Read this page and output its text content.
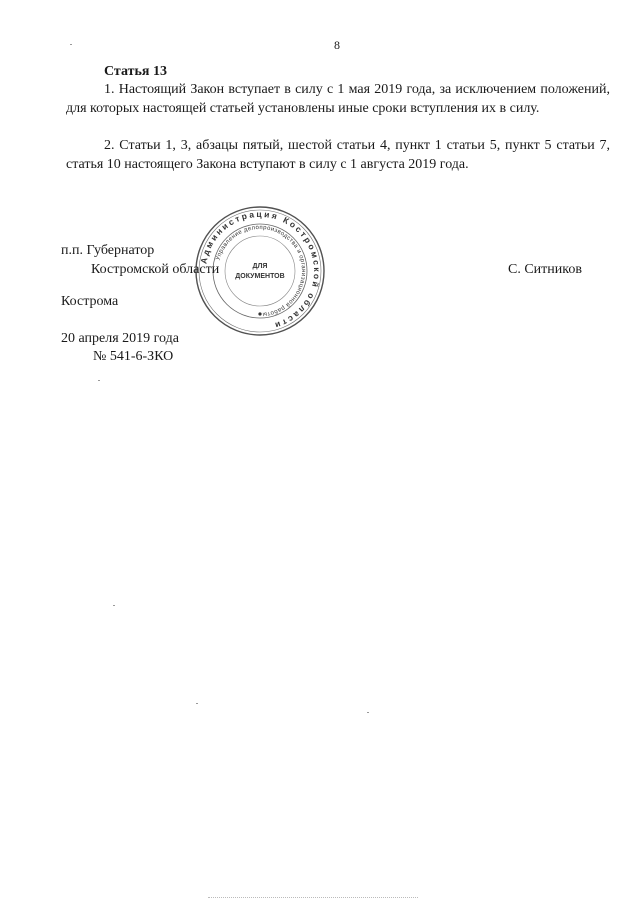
8
Статья 13
1. Настоящий Закон вступает в силу с 1 мая 2019 года, за исключением положений, для которых настоящей статьей установлены иные сроки вступления их в силу.
2. Статьи 1, 3, абзацы пятый, шестой статьи 4, пункт 1 статьи 5, пункт 5 статьи 7, статья 10 настоящего Закона вступают в силу с 1 августа 2019 года.
п.п. Губернатор
Костромской области	С. Ситников
Администрация Костромской области
Управление делопроизводства и организационной работы
ДЛЯ
ДОКУМЕНТОВ
Кострома
20 апреля 2019 года
№ 541-6-ЗКО
